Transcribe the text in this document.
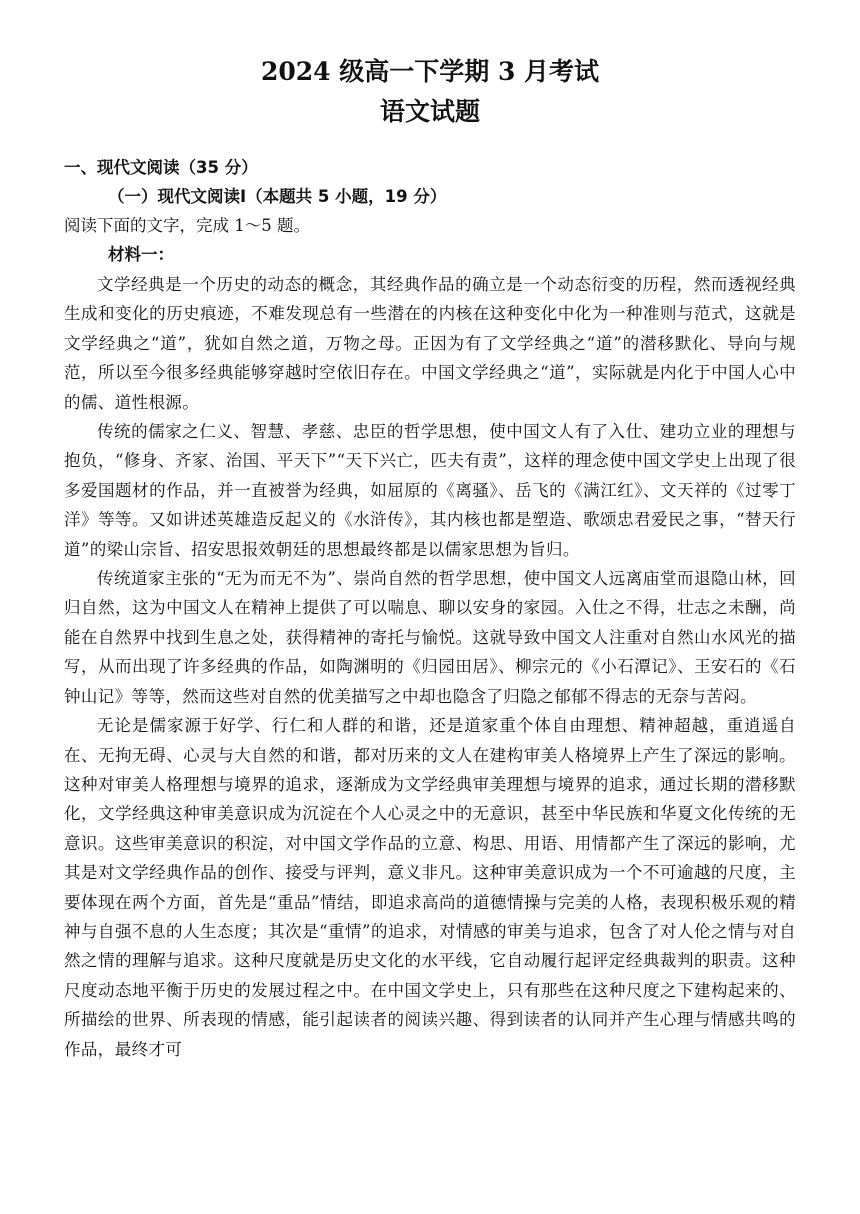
2024 级高一下学期 3 月考试
语文试题
一、现代文阅读（35 分）
（一）现代文阅读Ⅰ（本题共 5 小题，19 分）
阅读下面的文字，完成 1～5 题。
材料一：

文学经典是一个历史的动态的概念，其经典作品的确立是一个动态衍变的历程，然而透视经典生成和变化的历史痕迹，不难发现总有一些潜在的内核在这种变化中化为一种准则与范式，这就是文学经典之“道”，犹如自然之道，万物之母。正因为有了文学经典之“道”的潜移默化、导向与规范，所以至今很多经典能够穿越时空依旧存在。中国文学经典之“道”，实际就是内化于中国人心中的儒、道性根源。

传统的儒家之仁义、智慧、孝慈、忠臣的哲学思想，使中国文人有了入仕、建功立业的理想与抱负，“修身、齐家、治国、平天下”“天下兴亡，匹夫有责”，这样的理念使中国文学史上出现了很多爱国题材的作品，并一直被誉为经典，如屈原的《离骚》、岳飞的《满江红》、文天祥的《过零丁洋》等等。又如讲述英雄造反起义的《水浒传》，其内核也都是塑造、歌颂忠君爱民之事，“替天行道”的梁山宗旨、招安思报效朝廷的思想最终都是以儒家思想为旨归。

传统道家主张的“无为而无不为”、崇尚自然的哲学思想，使中国文人远离庙堂而退隐山林，回归自然，这为中国文人在精神上提供了可以喘息、聊以安身的家园。入仕之不得，壮志之未酬，尚能在自然界中找到生息之处，获得精神的寄托与愉悦。这就导致中国文人注重对自然山水风光的描写，从而出现了许多经典的作品，如陶渊明的《归园田居》、柳宗元的《小石潭记》、王安石的《石钟山记》等等，然而这些对自然的优美描写之中却也隐含了归隐之郁郁不得志的无奈与苦闷。

无论是儒家源于好学、行仁和人群的和谐，还是道家重个体自由理想、精神超越，重逍遥自在、无拘无碍、心灵与大自然的和谐，都对历来的文人在建构审美人格境界上产生了深远的影响。这种对审美人格理想与境界的追求，逐渐成为文学经典审美理想与境界的追求，通过长期的潜移默化，文学经典这种审美意识成为沉淀在个人心灵之中的无意识，甚至中华民族和华夏文化传统的无意识。这些审美意识的积淀，对中国文学作品的立意、构思、用语、用情都产生了深远的影响，尤其是对文学经典作品的创作、接受与评判，意义非凡。这种审美意识成为一个不可逾越的尺度，主要体现在两个方面，首先是“重品”情结，即追求高尚的道德情操与完美的人格，表现积极乐观的精神与自强不息的人生态度；其次是“重情”的追求，对情感的审美与追求，包含了对人伦之情与对自然之情的理解与追求。这种尺度就是历史文化的水平线，它自动履行起评定经典裁判的职责。这种尺度动态地平衡于历史的发展过程之中。在中国文学史上，只有那些在这种尺度之下建构起来的、所描绘的世界、所表现的情感，能引起读者的阅读兴趣、得到读者的认同并产生心理与情感共鸣的作品，最终才可
